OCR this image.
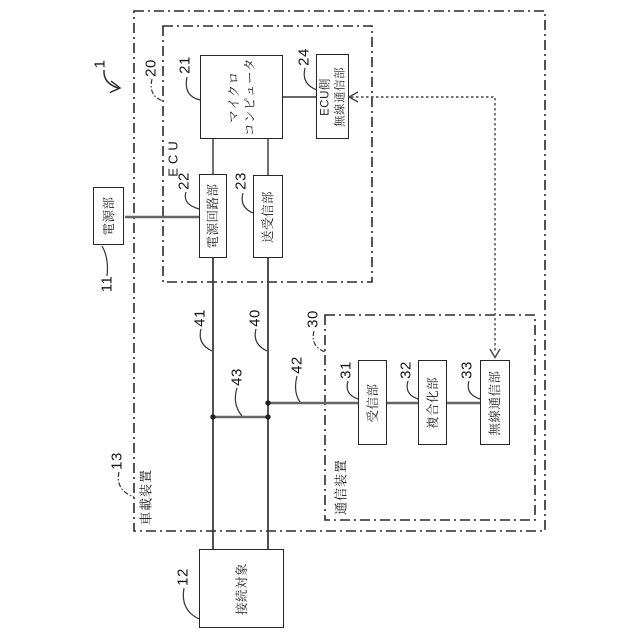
電源部
マイクロ
コンピュータ
電源回路部	送受信部
ECU側
無線通信部
受信部	複合化部	無線通信部
接続対象
ECU
車載装置	通信装置
1 20 21
22	23
24
11
12
13
30
31	32	33
40
41
42
43
